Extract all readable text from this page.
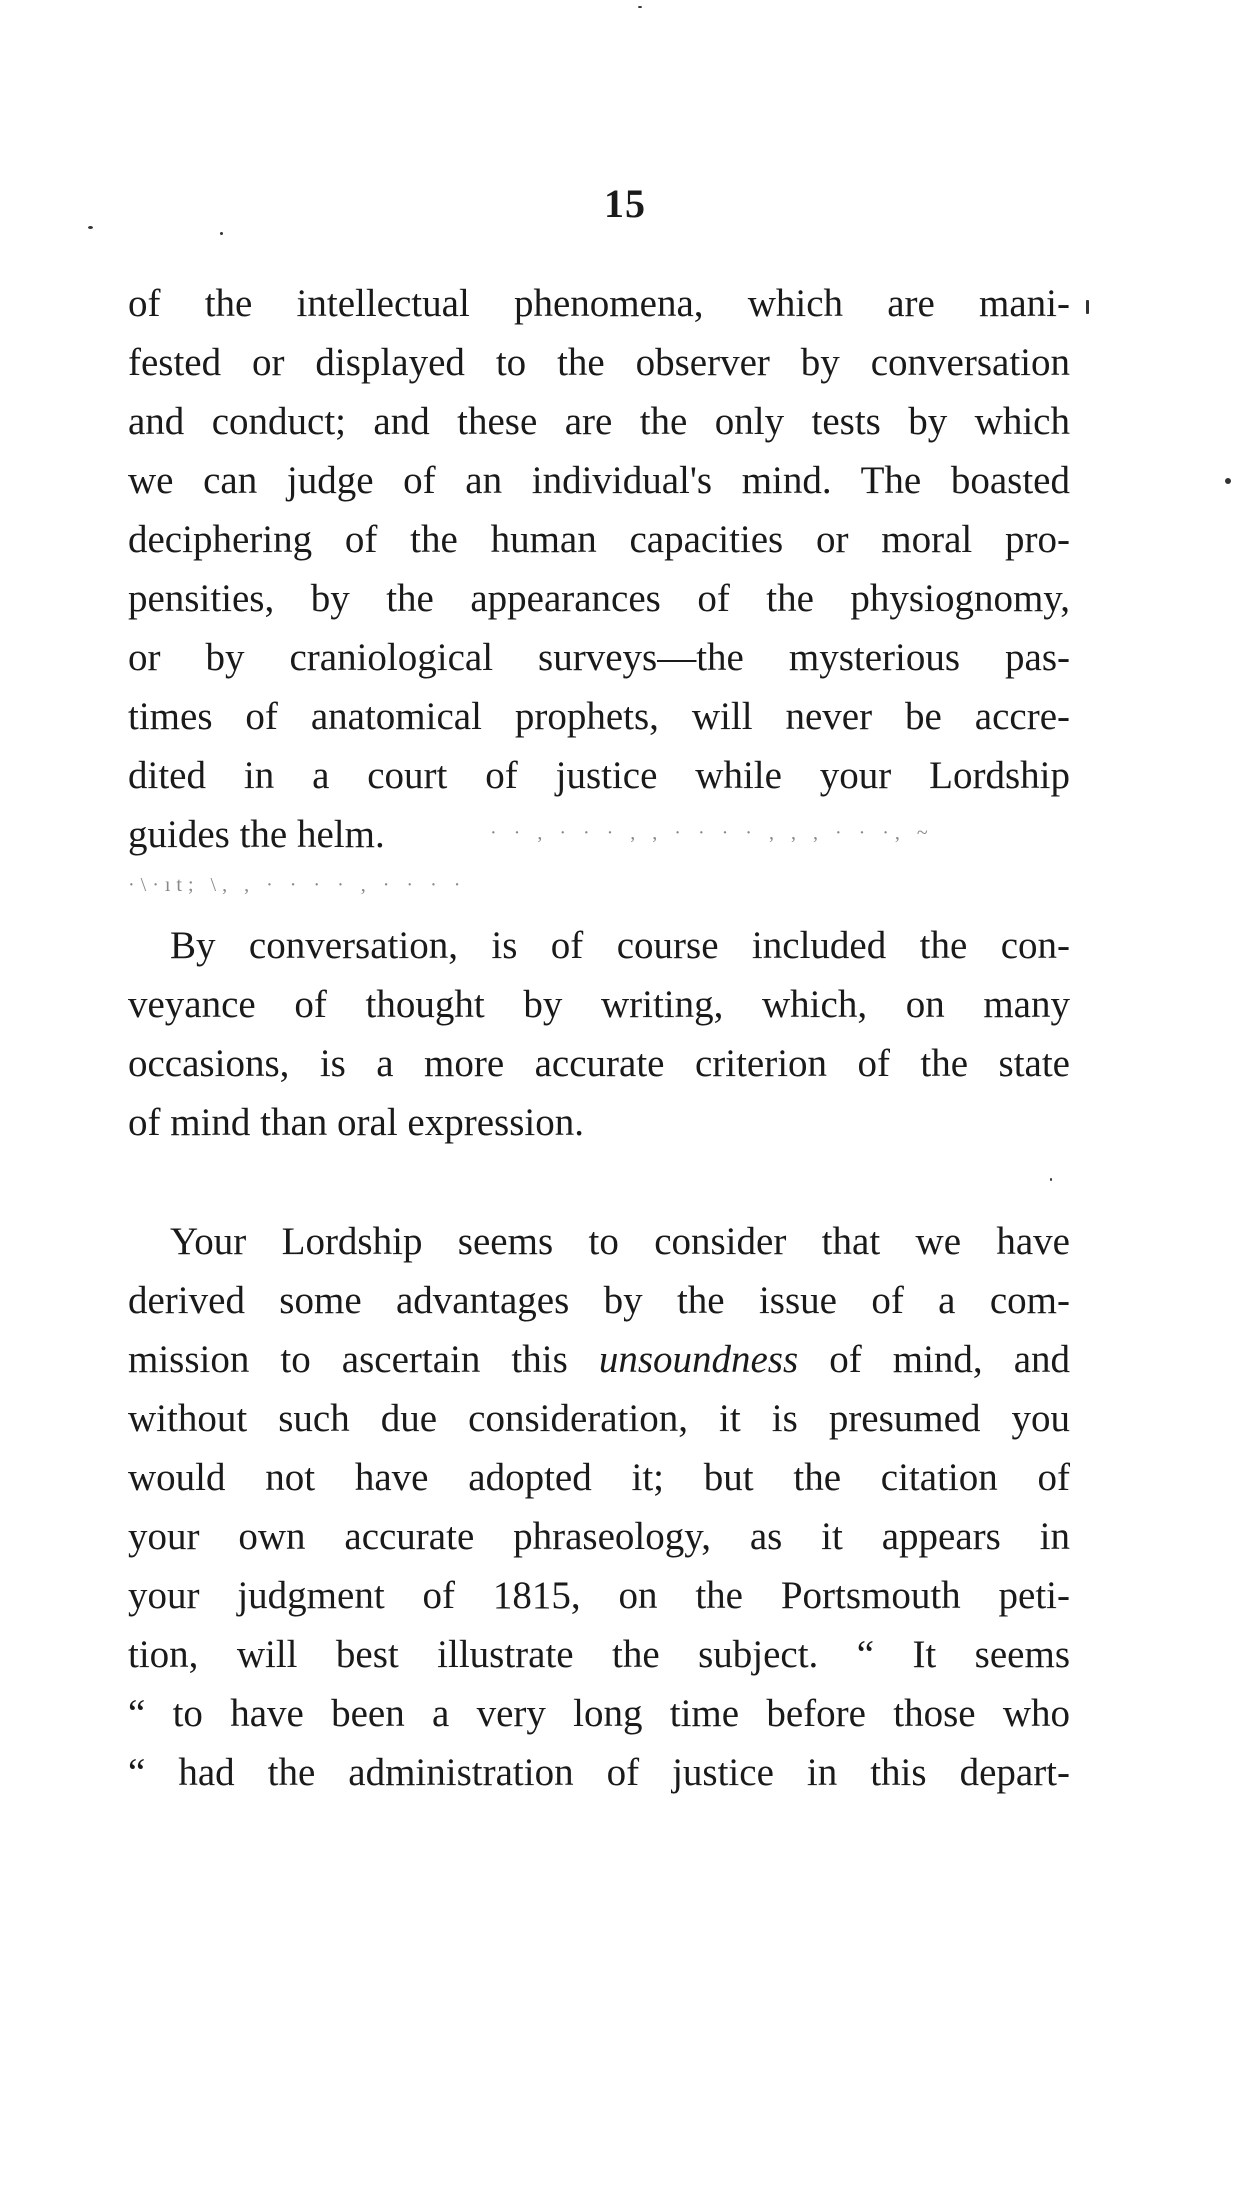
15
of the intellectual phenomena, which are mani-
fested or displayed to the observer by conversation
and conduct; and these are the only tests by which
we can judge of an individual's mind. The boasted
deciphering of the human capacities or moral pro-
pensities, by the appearances of the physiognomy,
or by craniological surveys—the mysterious pas-
times of anatomical prophets, will never be accre-
dited in a court of justice while your Lordship
guides the helm.	· · , · · · , , · · · · , , , · · ·, ~
·\·ıt; \, , · · · · , · · · ·
By conversation, is of course included the con-
veyance of thought by writing, which, on many
occasions, is a more accurate criterion of the state
of mind than oral expression.
Your Lordship seems to consider that we have
derived some advantages by the issue of a com-
mission to ascertain this unsoundness of mind, and
without such due consideration, it is presumed you
would not have adopted it; but the citation of
your own accurate phraseology, as it appears in
your judgment of 1815, on the Portsmouth peti-
tion, will best illustrate the subject. “ It seems
“ to have been a very long time before those who
“ had the administration of justice in this depart-
